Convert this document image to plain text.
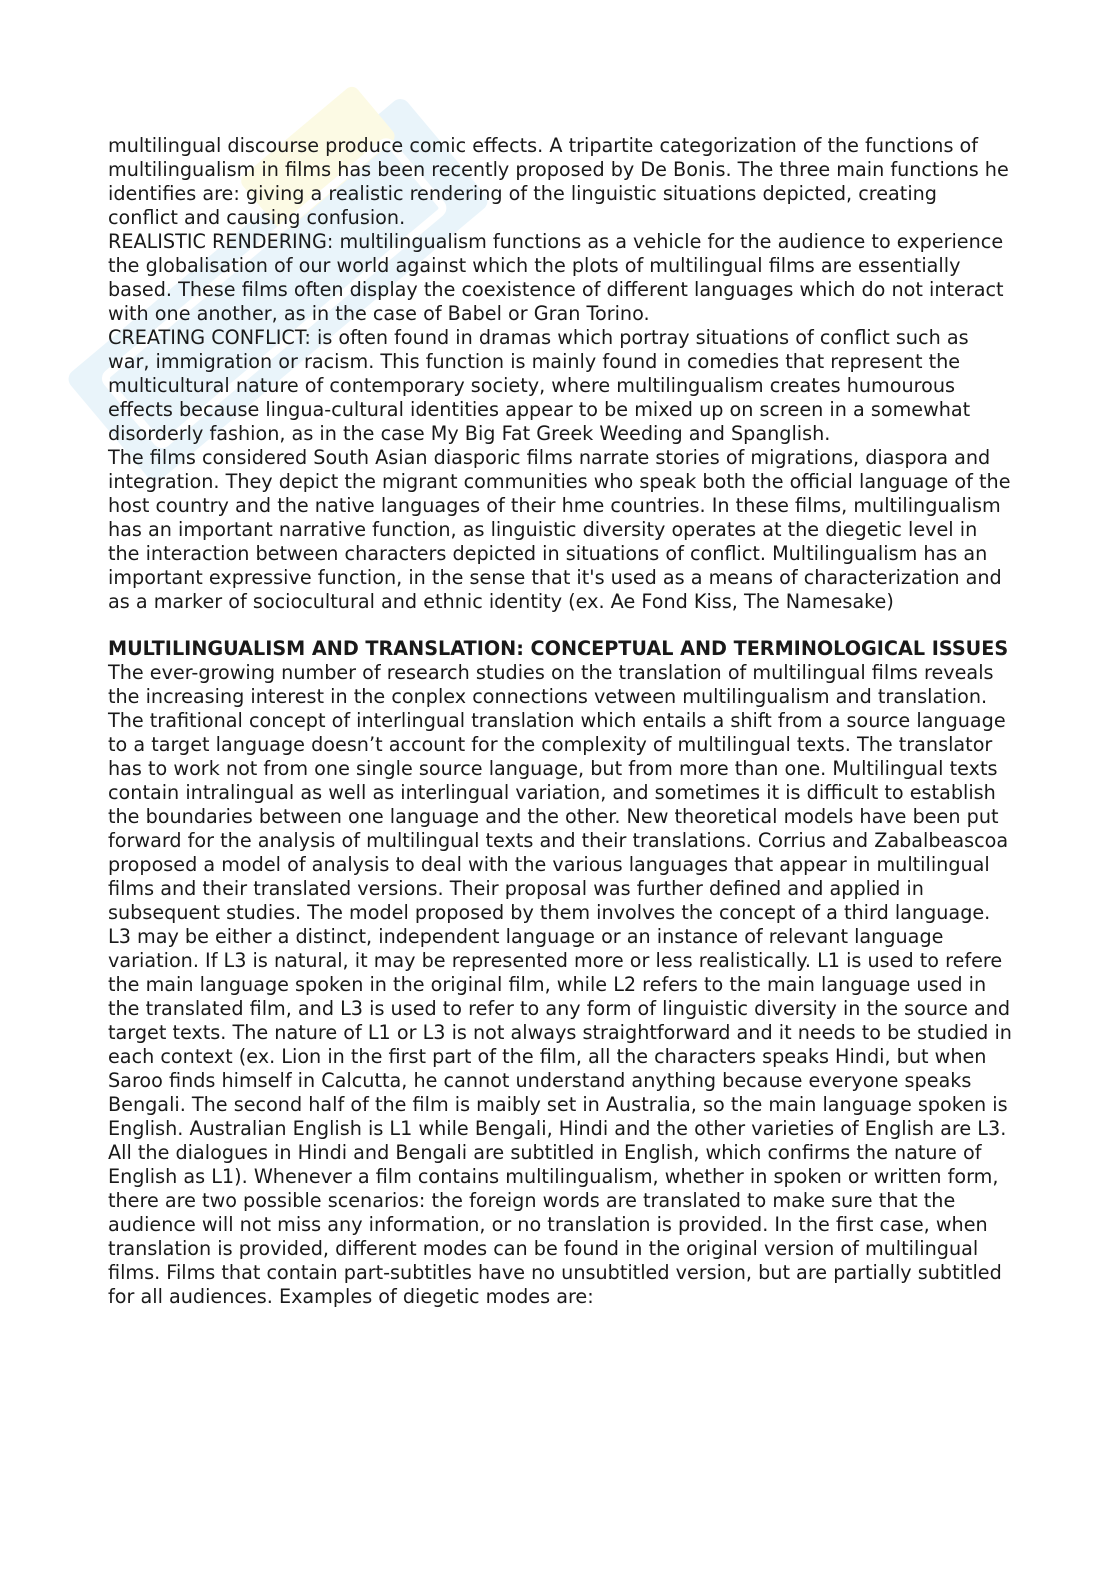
multilingual discourse produce comic effects. A tripartite categorization of the functions of multilingualism in films has been recently proposed by De Bonis. The three main functions he identifies are: giving a realistic rendering of the linguistic situations depicted, creating conflict and causing confusion.

REALISTIC RENDERING: multilingualism functions as a vehicle for the audience to experience the globalisation of our world against which the plots of multilingual films are essentially based. These films often display the coexistence of different languages which do not interact with one another, as in the case of Babel or Gran Torino.

CREATING CONFLICT: is often found in dramas which portray situations of conflict such as war, immigration or racism. This function is mainly found in comedies that represent the multicultural nature of contemporary society, where multilingualism creates humourous effects because lingua-cultural identities appear to be mixed up on screen in a somewhat disorderly fashion, as in the case My Big Fat Greek Weeding and Spanglish.

The films considered South Asian diasporic films narrate stories of migrations, diaspora and integration. They depict the migrant communities who speak both the official language of the host country and the native languages of their hme countries. In these films, multilingualism has an important narrative function, as linguistic diversity operates at the diegetic level in the interaction between characters depicted in situations of conflict. Multilingualism has an important expressive function, in the sense that it's used as a means of characterization and as a marker of sociocultural and ethnic identity (ex. Ae Fond Kiss, The Namesake)

MULTILINGUALISM AND TRANSLATION: CONCEPTUAL AND TERMINOLOGICAL ISSUES

The ever-growing number of research studies on the translation of multilingual films reveals the increasing interest in the conplex connections vetween multilingualism and translation. The trafitional concept of interlingual translation which entails a shift from a source language to a target language doesn’t account for the complexity of multilingual texts. The translator has to work not from one single source language, but from more than one. Multilingual texts contain intralingual as well as interlingual variation, and sometimes it is difficult to establish the boundaries between one language and the other. New theoretical models have been put forward for the analysis of multilingual texts and their translations. Corrius and Zabalbeascoa proposed a model of analysis to deal with the various languages that appear in multilingual films and their translated versions. Their proposal was further defined and applied in subsequent studies. The model proposed by them involves the concept of a third language. L3 may be either a distinct, independent language or an instance of relevant language variation. If L3 is natural, it may be represented more or less realistically. L1 is used to refere the main language spoken in the original film, while L2 refers to the main language used in the translated film, and L3 is used to refer to any form of linguistic diversity in the source and target texts. The nature of L1 or L3 is not always straightforward and it needs to be studied in each context (ex. Lion in the first part of the film, all the characters speaks Hindi, but when Saroo finds himself in Calcutta, he cannot understand anything because everyone speaks Bengali. The second half of the film is maibly set in Australia, so the main language spoken is English. Australian English is L1 while Bengali, Hindi and the other varieties of English are L3. All the dialogues in Hindi and Bengali are subtitled in English, which confirms the nature of English as L1). Whenever a film contains multilingualism, whether in spoken or written form, there are two possible scenarios: the foreign words are translated to make sure that the audience will not miss any information, or no translation is provided. In the first case, when translation is provided, different modes can be found in the original version of multilingual films. Films that contain part-subtitles have no unsubtitled version, but are partially subtitled for all audiences. Examples of diegetic modes are:
